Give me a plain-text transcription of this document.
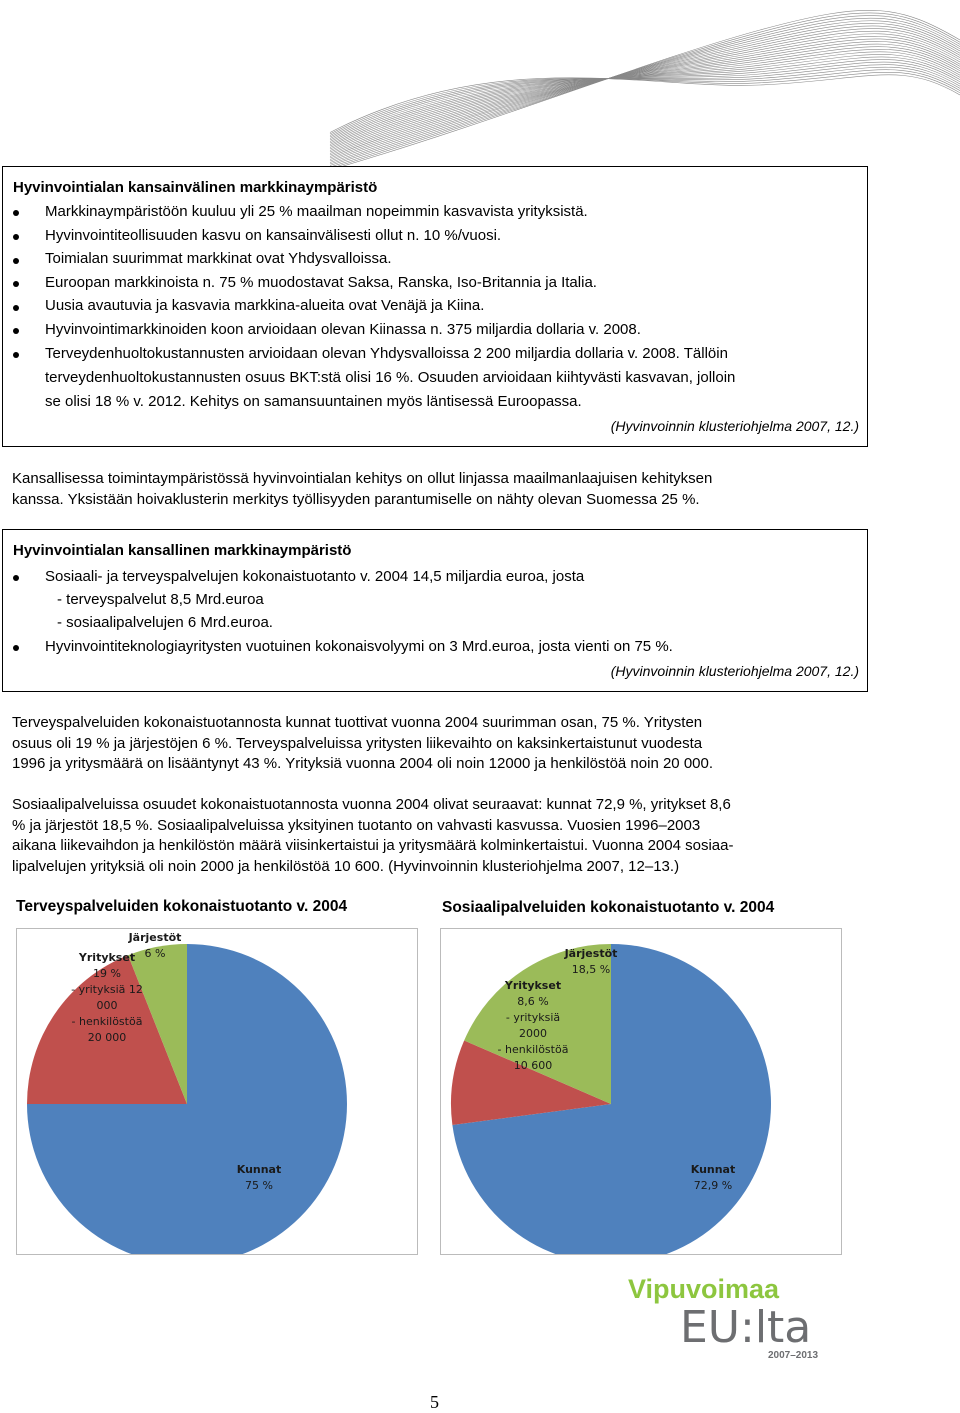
Hyvinvointialan kansainvälinen markkinaympäristö
Markkinaympäristöön kuuluu yli 25 % maailman nopeimmin kasvavista yrityksistä.
Hyvinvointiteollisuuden kasvu on kansainvälisesti ollut n. 10 %/vuosi.
Toimialan suurimmat markkinat ovat Yhdysvalloissa.
Euroopan markkinoista n. 75 % muodostavat Saksa, Ranska, Iso-Britannia ja Italia.
Uusia avautuvia ja kasvavia markkina-alueita ovat Venäjä ja Kiina.
Hyvinvointimarkkinoiden koon arvioidaan olevan Kiinassa n. 375 miljardia dollaria v. 2008.
Terveydenhuoltokustannusten arvioidaan olevan Yhdysvalloissa 2 200 miljardia dollaria v. 2008. Tällöin
terveydenhuoltokustannusten osuus BKT:stä olisi 16 %. Osuuden arvioidaan kiihtyvästi kasvavan, jolloin
se olisi 18 % v. 2012. Kehitys on samansuuntainen myös läntisessä Euroopassa.
(Hyvinvoinnin klusteriohjelma 2007, 12.)
Kansallisessa toimintaympäristössä hyvinvointialan kehitys on ollut linjassa maailmanlaajuisen kehityksen
kanssa. Yksistään hoivaklusterin merkitys työllisyyden parantumiselle on nähty olevan Suomessa 25 %.
Hyvinvointialan kansallinen markkinaympäristö
Sosiaali- ja terveyspalvelujen kokonaistuotanto v. 2004 14,5 miljardia euroa, josta
- terveyspalvelut 8,5 Mrd.euroa
- sosiaalipalvelujen 6 Mrd.euroa.
Hyvinvointiteknologiayritysten vuotuinen kokonaisvolyymi on 3 Mrd.euroa, josta vienti on 75 %.
(Hyvinvoinnin klusteriohjelma 2007, 12.)
Terveyspalveluiden kokonaistuotannosta kunnat tuottivat vuonna 2004 suurimman osan, 75 %. Yritysten
osuus oli 19 % ja järjestöjen 6 %. Terveyspalveluissa yritysten liikevaihto on kaksinkertaistunut vuodesta
1996 ja yritysmäärä on lisääntynyt 43 %. Yrityksiä vuonna 2004 oli noin 12000 ja henkilöstöä noin 20 000.
Sosiaalipalveluissa osuudet kokonaistuotannosta vuonna 2004 olivat seuraavat: kunnat 72,9 %, yritykset 8,6
% ja järjestöt 18,5 %. Sosiaalipalveluissa yksityinen tuotanto on vahvasti kasvussa. Vuosien 1996–2003
aikana liikevaihdon ja henkilöstön määrä viisinkertaistui ja yritysmäärä kolminkertaistui. Vuonna 2004 sosiaa-
lipalvelujen yrityksiä oli noin 2000 ja henkilöstöä 10 600. (Hyvinvoinnin klusteriohjelma 2007, 12–13.)
Terveyspalveluiden kokonaistuotanto v. 2004	Sosiaalipalveluiden kokonaistuotanto v. 2004
Kunnat
75 %
Yritykset
19 %
- yrityksiä 12
000
- henkilöstöä
20 000
Järjestöt
6 %
Kunnat
72,9 %
Yritykset
8,6 %
- yrityksiä
2000
- henkilöstöä
10 600
Järjestöt
18,5 %
Vipuvoimaa
EU:lta
2007–2013
5
